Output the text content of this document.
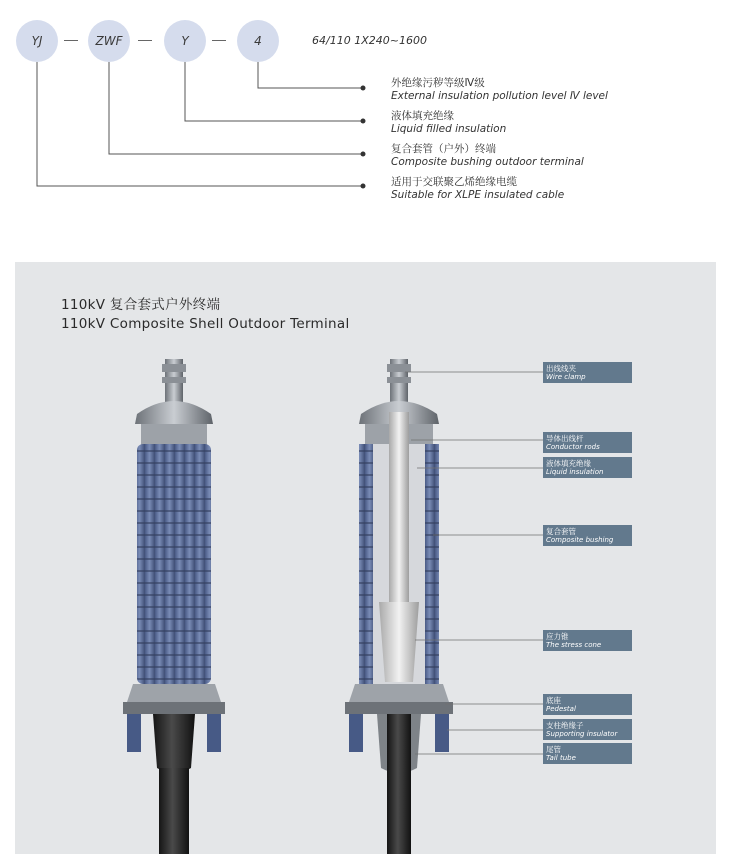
YJ	ZWF	Y	4	64/110 1X240~1600
外绝缘污秽等级Ⅳ级
External insulation pollution level Ⅳ level
液体填充绝缘
Liquid filled insulation
复合套管（户外）终端
Composite bushing outdoor terminal
适用于交联聚乙烯绝缘电缆
Suitable for XLPE insulated cable
110kV 复合套式户外终端
110kV Composite Shell Outdoor Terminal
出线线夹
Wire clamp
导体出线杆
Conductor rods
液体填充绝缘
Liquid insulation
复合套管
Composite bushing
应力锥
The stress cone
底座
Pedestal
支柱绝缘子
Supporting insulator
尾管
Tail tube
